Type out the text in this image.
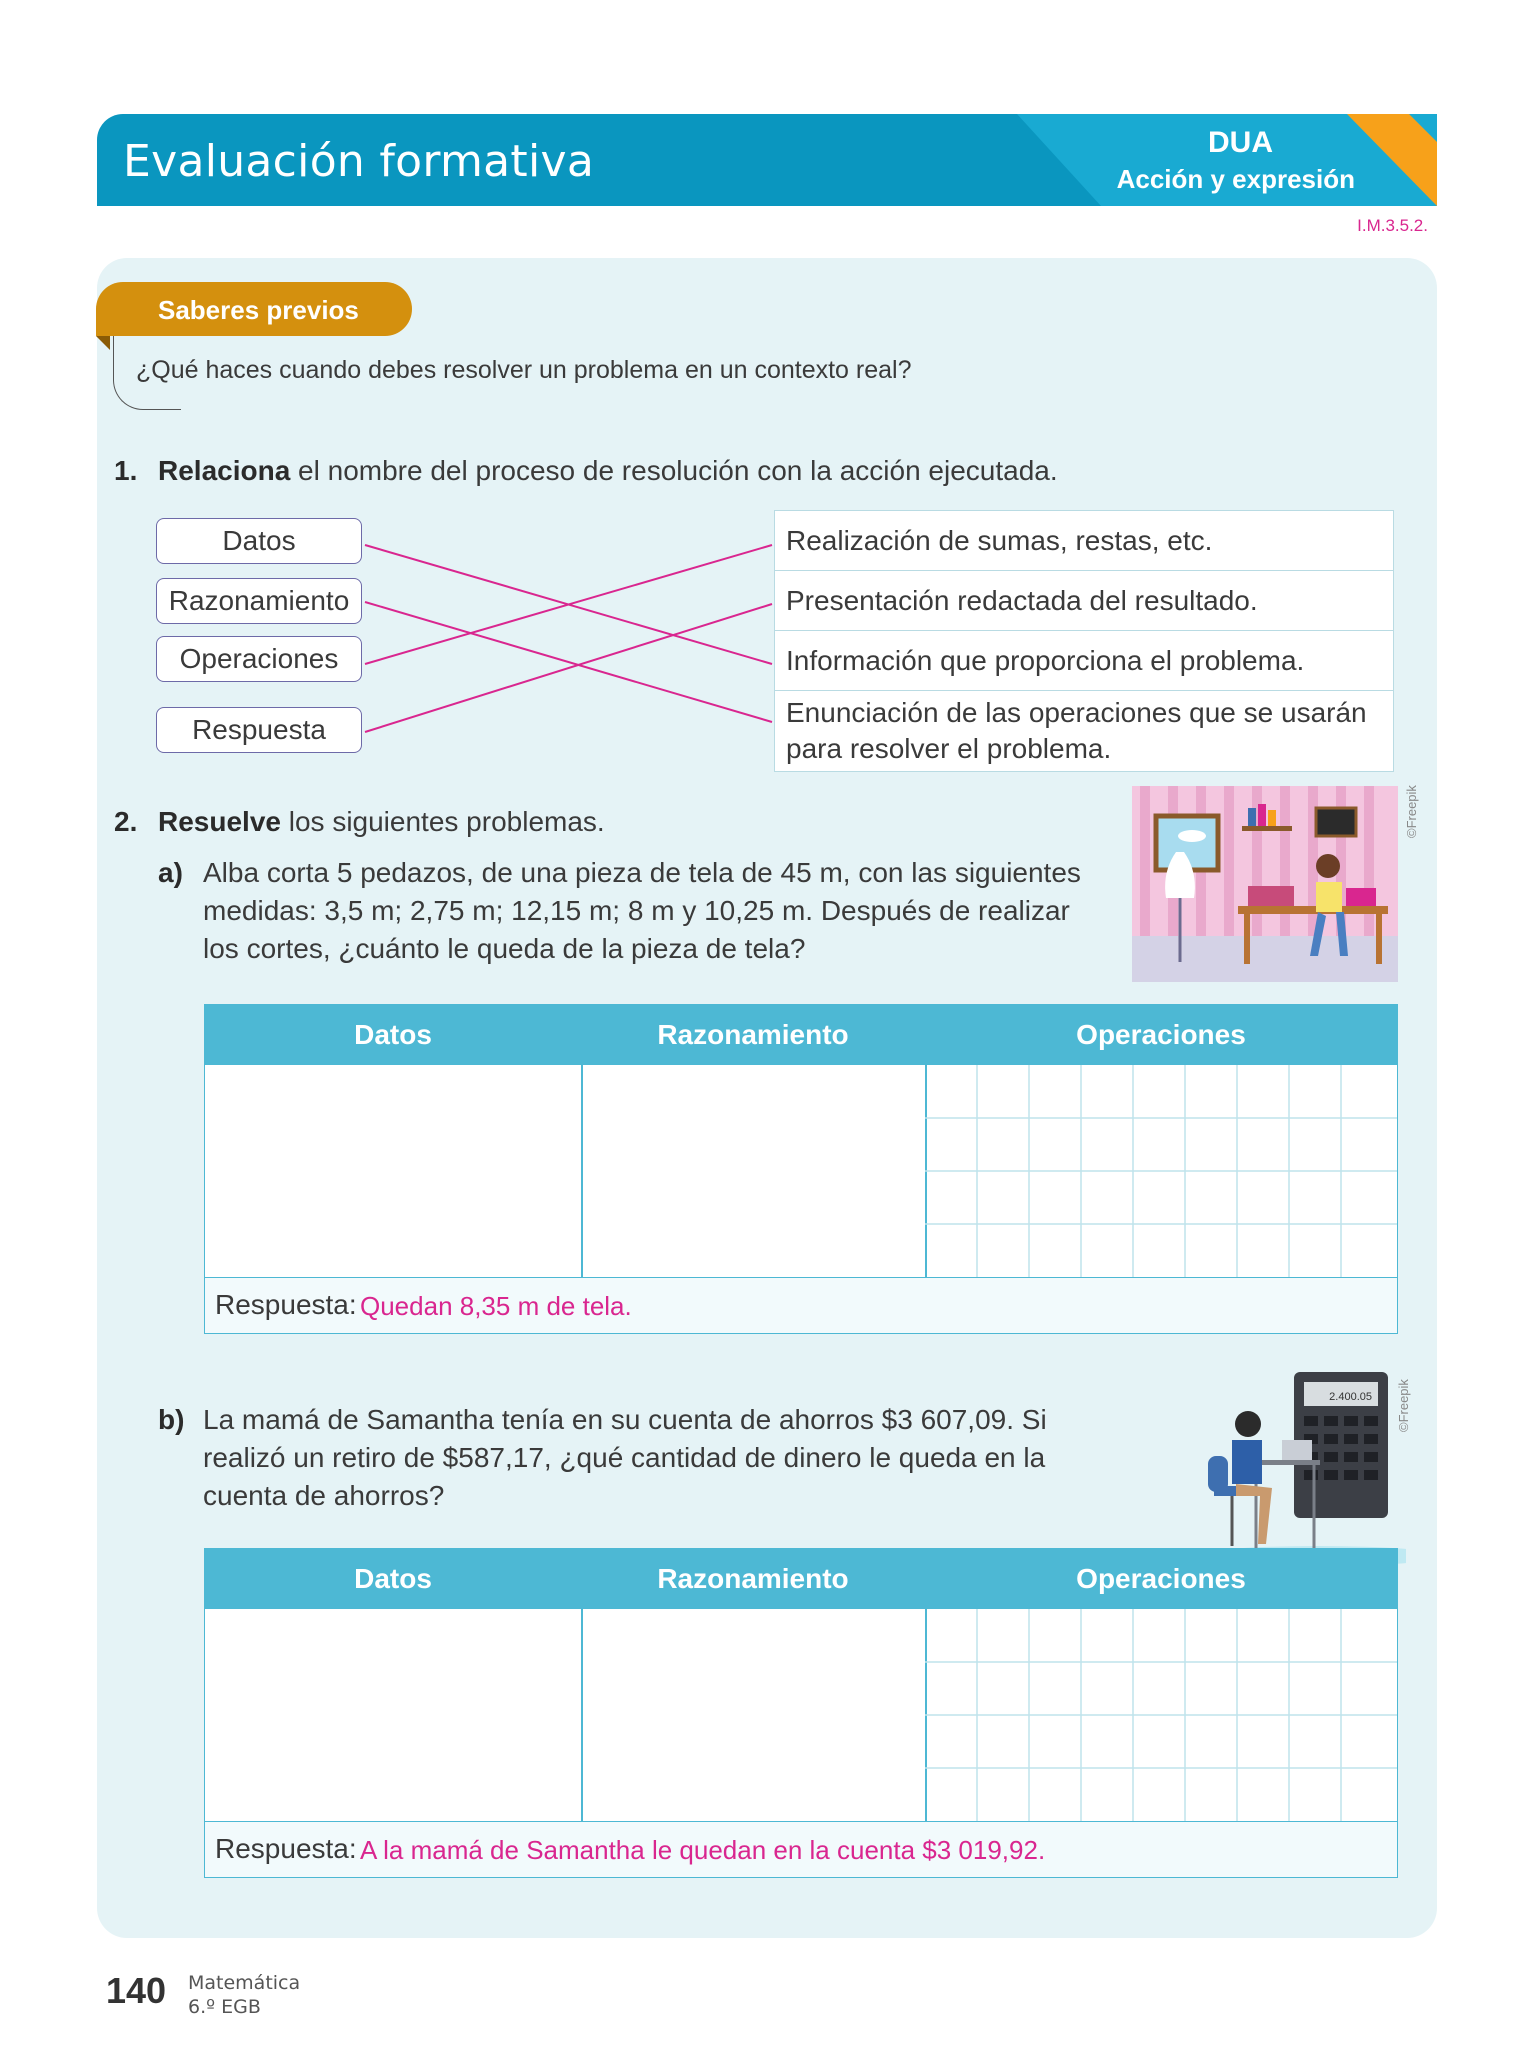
Evaluación formativa	DUA
Acción y expresión
I.M.3.5.2.
Saberes previos
¿Qué haces cuando debes resolver un problema en un contexto real?
1. Relaciona el nombre del proceso de resolución con la acción ejecutada.
Datos
Razonamiento
Operaciones
Respuesta
Realización de sumas, restas, etc.
Presentación redactada del resultado.
Información que proporciona el problema.
Enunciación de las operaciones que se usarán
para resolver el problema.
2. Resuelve los siguientes problemas.	©Freepik
a) Alba corta 5 pedazos, de una pieza de tela de 45 m, con las siguientes
medidas: 3,5 m; 2,75 m; 12,15 m; 8 m y 10,25 m. Después de realizar
los cortes, ¿cuánto le queda de la pieza de tela?
Datos	Razonamiento	Operaciones
Respuesta: Quedan 8,35 m de tela.
2.400.05 ©Freepik
b) La mamá de Samantha tenía en su cuenta de ahorros $3 607,09. Si
realizó un retiro de $587,17, ¿qué cantidad de dinero le queda en la
cuenta de ahorros?
Datos	Razonamiento	Operaciones
Respuesta: A la mamá de Samantha le quedan en la cuenta $3 019,92.
140 Matemática
6.º EGB
